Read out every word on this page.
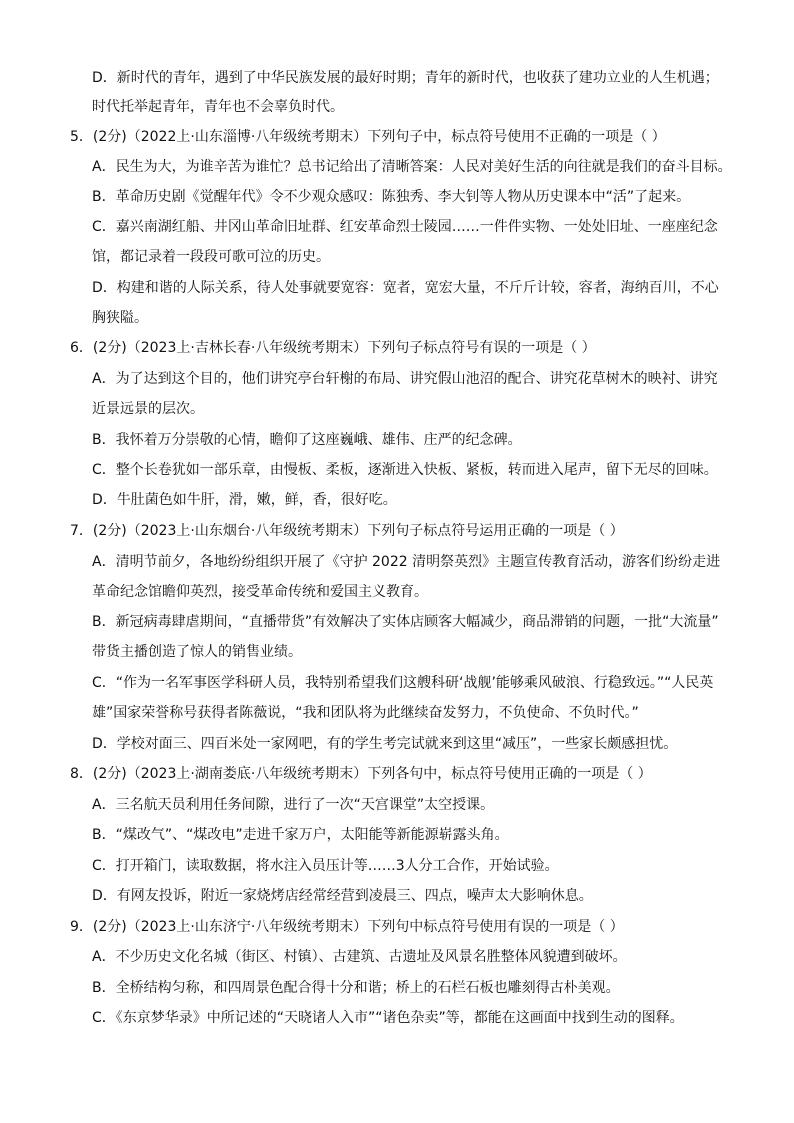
D．新时代的青年，遇到了中华民族发展的最好时期；青年的新时代，也收获了建功立业的人生机遇；
时代托举起青年，青年也不会辜负时代。
5．(2分)（2022上·山东淄博·八年级统考期末）下列句子中，标点符号使用不正确的一项是（ ）
A．民生为大，为谁辛苦为谁忙？总书记给出了清晰答案：人民对美好生活的向往就是我们的奋斗目标。
B．革命历史剧《觉醒年代》令不少观众感叹：陈独秀、李大钊等人物从历史课本中“活”了起来。
C．嘉兴南湖红船、井冈山革命旧址群、红安革命烈士陵园……一件件实物、一处处旧址、一座座纪念
馆，都记录着一段段可歌可泣的历史。
D．构建和谐的人际关系，待人处事就要宽容：宽者，宽宏大量，不斤斤计较，容者，海纳百川，不心
胸狭隘。
6．(2分)（2023上·吉林长春·八年级统考期末）下列句子标点符号有误的一项是（ ）
A．为了达到这个目的，他们讲究亭台轩榭的布局、讲究假山池沼的配合、讲究花草树木的映衬、讲究
近景远景的层次。
B．我怀着万分崇敬的心情，瞻仰了这座巍峨、雄伟、庄严的纪念碑。
C．整个长卷犹如一部乐章，由慢板、柔板，逐渐进入快板、紧板，转而进入尾声，留下无尽的回味。
D．牛肚菌色如牛肝，滑，嫩，鲜，香，很好吃。
7．(2分)（2023上·山东烟台·八年级统考期末）下列句子标点符号运用正确的一项是（ ）
A．清明节前夕，各地纷纷组织开展了《守护 2022 清明祭英烈》主题宣传教育活动，游客们纷纷走进
革命纪念馆瞻仰英烈，接受革命传统和爱国主义教育。
B．新冠病毒肆虐期间，“直播带货”有效解决了实体店顾客大幅减少，商品滞销的问题，一批“大流量”
带货主播创造了惊人的销售业绩。
C．“作为一名军事医学科研人员，我特别希望我们这艘科研‘战舰’能够乘风破浪、行稳致远。”“人民英
雄”国家荣誉称号获得者陈薇说，“我和团队将为此继续奋发努力，不负使命、不负时代。”
D．学校对面三、四百米处一家网吧，有的学生考完试就来到这里“减压”，一些家长颇感担忧。
8．(2分)（2023上·湖南娄底·八年级统考期末）下列各句中，标点符号使用正确的一项是（ ）
A．三名航天员利用任务间隙，进行了一次“天宫课堂”太空授课。
B．“煤改气”、“煤改电”走进千家万户，太阳能等新能源崭露头角。
C．打开箱门，读取数据，将水注入员压计等……3人分工合作，开始试验。
D．有网友投诉，附近一家烧烤店经常经营到凌晨三、四点，噪声太大影响休息。
9．(2分)（2023上·山东济宁·八年级统考期末）下列句中标点符号使用有误的一项是（ ）
A．不少历史文化名城（街区、村镇）、古建筑、古遗址及风景名胜整体风貌遭到破坏。
B．全桥结构匀称，和四周景色配合得十分和谐；桥上的石栏石板也雕刻得古朴美观。
C．《东京梦华录》中所记述的“天晓诸人入市”“诸色杂卖”等，都能在这画面中找到生动的图释。
